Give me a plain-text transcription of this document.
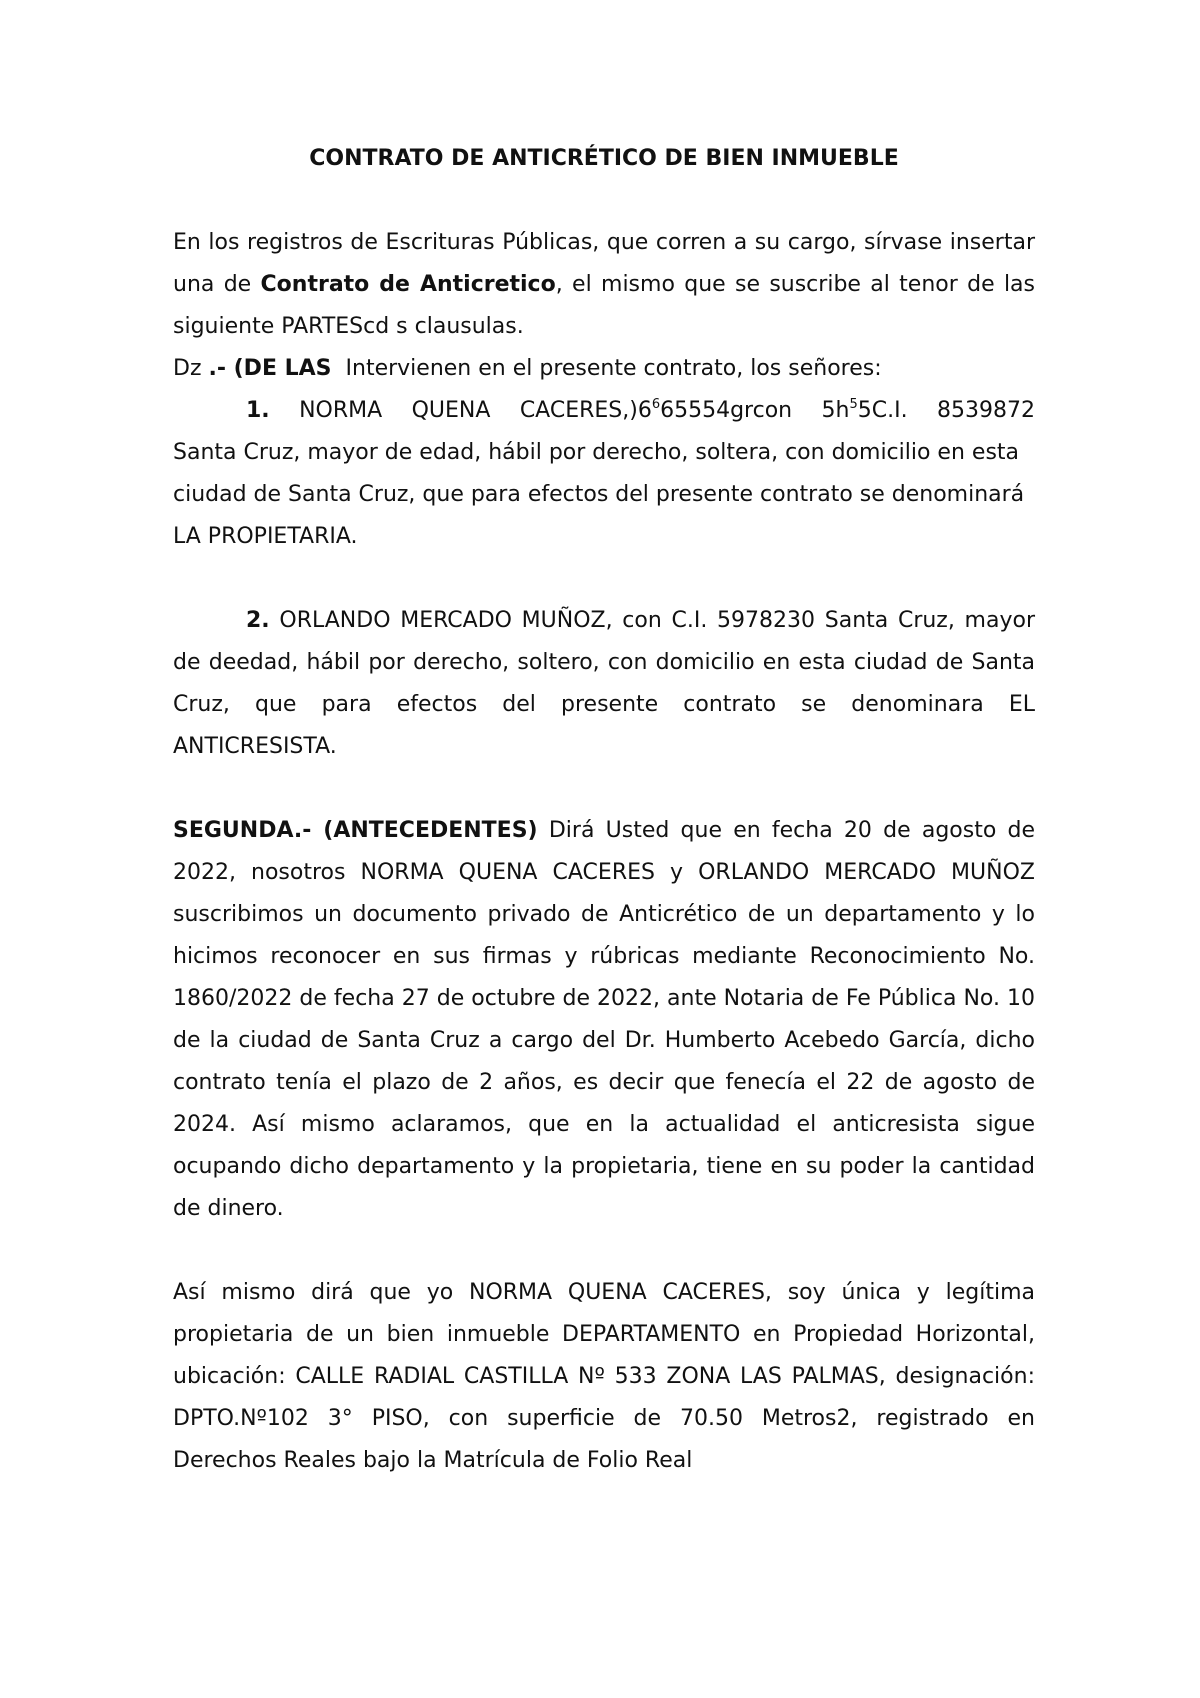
CONTRATO DE ANTICRÉTICO DE BIEN INMUEBLE

En los registros de Escrituras Públicas, que corren a su cargo, sírvase insertar una de Contrato de Anticretico, el mismo que se suscribe al tenor de las siguiente PARTEScd s clausulas.

Dz .- (DE LAS  Intervienen en el presente contrato, los señores:

1. NORMA QUENA $CACERES,)6^665554grcon$ $5h^55C.I$. 8539872

Santa Cruz, mayor de edad, hábil por derecho, soltera, con domicilio en esta ciudad de Santa Cruz, que para efectos del presente contrato se denominará LA PROPIETARIA.

2. ORLANDO MERCADO MUÑOZ, con C.I. 5978230 Santa Cruz, mayor de deedad, hábil por derecho, soltero, con domicilio en esta ciudad de Santa Cruz, que para efectos del presente contrato se denominara EL ANTICRESISTA.

SEGUNDA.- (ANTECEDENTES) Dirá Usted que en fecha 20 de agosto de 2022, nosotros NORMA QUENA CACERES y ORLANDO MERCADO MUÑOZ suscribimos un documento privado de Anticrético de un departamento y lo hicimos reconocer en sus firmas y rúbricas mediante Reconocimiento No. 1860/2022 de fecha 27 de octubre de 2022, ante Notaria de Fe Pública No. 10 de la ciudad de Santa Cruz a cargo del Dr. Humberto Acebedo García, dicho contrato tenía el plazo de 2 años, es decir que fenecía el 22 de agosto de 2024. Así mismo aclaramos, que en la actualidad el anticresista sigue ocupando dicho departamento y la propietaria, tiene en su poder la cantidad de dinero.

Así mismo dirá que yo NORMA QUENA CACERES, soy única y legítima propietaria de un bien inmueble DEPARTAMENTO en Propiedad Horizontal, ubicación: CALLE RADIAL CASTILLA Nº 533 ZONA LAS PALMAS, designación: DPTO.Nº102 3° PISO, con superficie de 70.50 Metros2, registrado en Derechos Reales bajo la Matrícula de Folio Real
